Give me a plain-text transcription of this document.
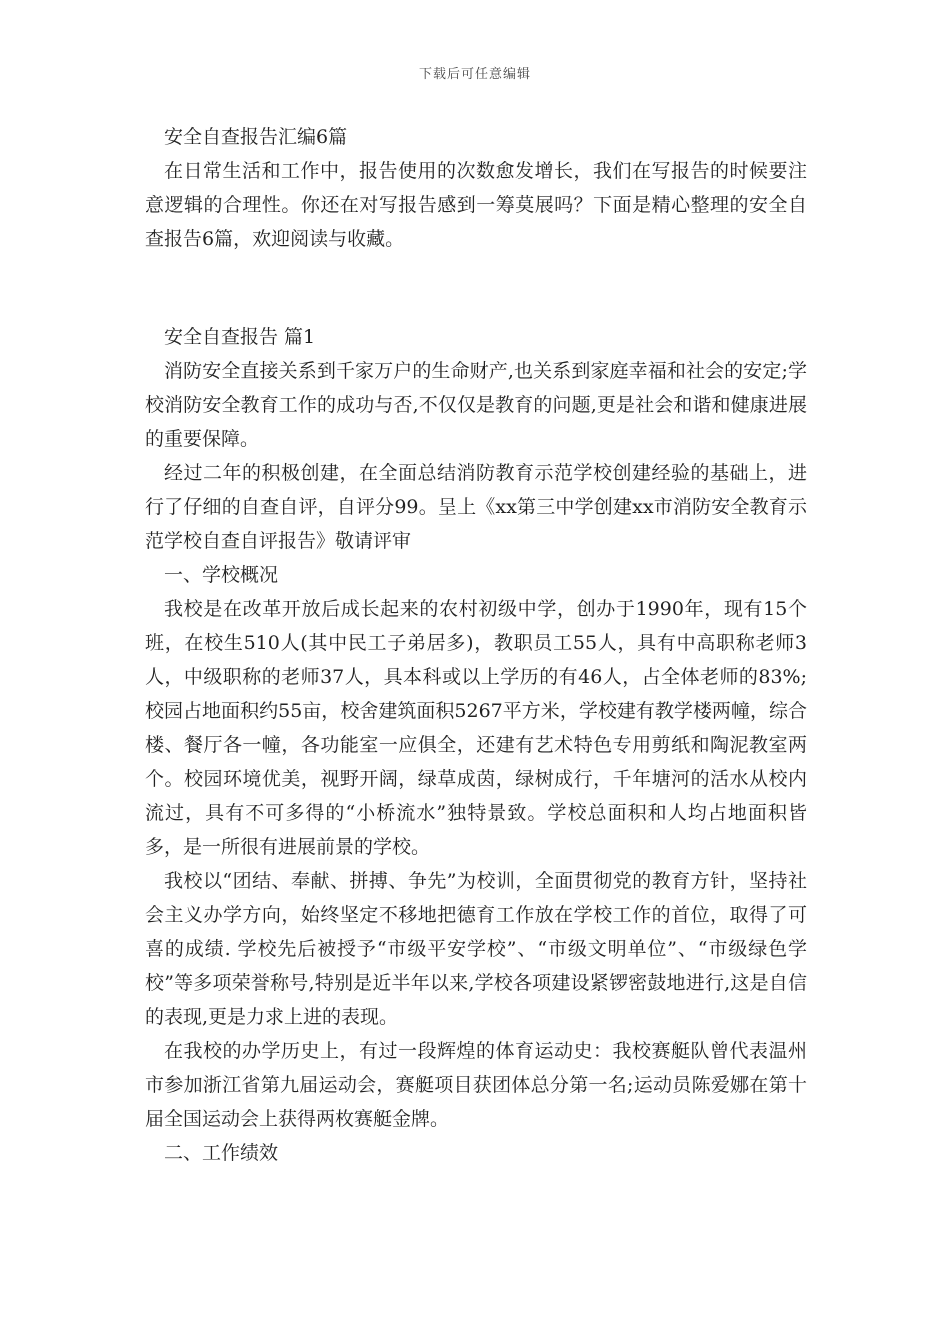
下载后可任意编辑

安全自查报告汇编6篇

在日常生活和工作中，报告使用的次数愈发增长，我们在写报告的时候要注意逻辑的合理性。你还在对写报告感到一筹莫展吗？下面是精心整理的安全自查报告6篇，欢迎阅读与收藏。

安全自查报告 篇1

消防安全直接关系到千家万户的生命财产,也关系到家庭幸福和社会的安定;学校消防安全教育工作的成功与否,不仅仅是教育的问题,更是社会和谐和健康进展的重要保障。

经过二年的积极创建，在全面总结消防教育示范学校创建经验的基础上，进行了仔细的自查自评，自评分99。呈上《xx第三中学创建xx市消防安全教育示范学校自查自评报告》敬请评审

一、学校概况

我校是在改革开放后成长起来的农村初级中学，创办于1990年，现有15个班，在校生510人(其中民工子弟居多)，教职员工55人，具有中高职称老师3人，中级职称的老师37人，具本科或以上学历的有46人，占全体老师的83%;校园占地面积约55亩，校舍建筑面积5267平方米，学校建有教学楼两幢，综合楼、餐厅各一幢，各功能室一应俱全，还建有艺术特色专用剪纸和陶泥教室两个。校园环境优美，视野开阔，绿草成茵，绿树成行，千年塘河的活水从校内流过，具有不可多得的“小桥流水”独特景致。学校总面积和人均占地面积皆多，是一所很有进展前景的学校。

我校以“团结、奉献、拼搏、争先”为校训，全面贯彻党的教育方针，坚持社会主义办学方向，始终坚定不移地把德育工作放在学校工作的首位，取得了可喜的成绩. 学校先后被授予“市级平安学校”、“市级文明单位”、“市级绿色学校”等多项荣誉称号,特别是近半年以来,学校各项建设紧锣密鼓地进行,这是自信的表现,更是力求上进的表现。

在我校的办学历史上，有过一段辉煌的体育运动史：我校赛艇队曾代表温州市参加浙江省第九届运动会，赛艇项目获团体总分第一名;运动员陈爱娜在第十届全国运动会上获得两枚赛艇金牌。

二、工作绩效
